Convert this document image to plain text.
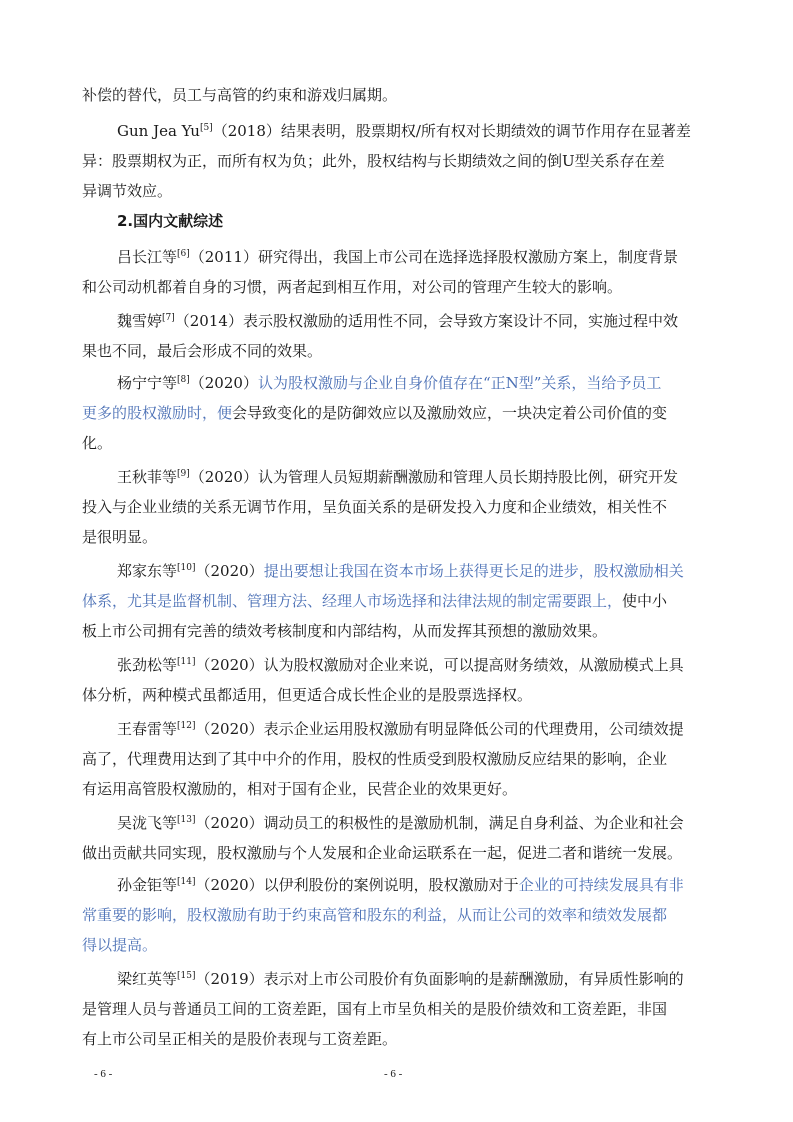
补偿的替代，员工与高管的约束和游戏归属期。
Gun Jea Yu[5]（2018）结果表明，股票期权/所有权对长期绩效的调节作用存在显著差
异：股票期权为正，而所有权为负；此外，股权结构与长期绩效之间的倒U型关系存在差
异调节效应。
2.国内文献综述
吕长江等[6]（2011）研究得出，我国上市公司在选择选择股权激励方案上，制度背景
和公司动机都着自身的习惯，两者起到相互作用，对公司的管理产生较大的影响。
魏雪婷[7]（2014）表示股权激励的适用性不同，会导致方案设计不同，实施过程中效
果也不同，最后会形成不同的效果。
杨宁宁等[8]（2020）认为股权激励与企业自身价值存在“正N型”关系，当给予员工
更多的股权激励时，便会导致变化的是防御效应以及激励效应，一块决定着公司价值的变
化。
王秋菲等[9]（2020）认为管理人员短期薪酬激励和管理人员长期持股比例，研究开发
投入与企业业绩的关系无调节作用，呈负面关系的是研发投入力度和企业绩效，相关性不
是很明显。
郑家东等[10]（2020）提出要想让我国在资本市场上获得更长足的进步，股权激励相关
体系，尤其是监督机制、管理方法、经理人市场选择和法律法规的制定需要跟上，使中小
板上市公司拥有完善的绩效考核制度和内部结构，从而发挥其预想的激励效果。
张劲松等[11]（2020）认为股权激励对企业来说，可以提高财务绩效，从激励模式上具
体分析，两种模式虽都适用，但更适合成长性企业的是股票选择权。
王春雷等[12]（2020）表示企业运用股权激励有明显降低公司的代理费用，公司绩效提
高了，代理费用达到了其中中介的作用，股权的性质受到股权激励反应结果的影响，企业
有运用高管股权激励的，相对于国有企业，民营企业的效果更好。
吴泷飞等[13]（2020）调动员工的积极性的是激励机制，满足自身利益、为企业和社会
做出贡献共同实现，股权激励与个人发展和企业命运联系在一起，促进二者和谐统一发展。
孙金钜等[14]（2020）以伊利股份的案例说明，股权激励对于企业的可持续发展具有非
常重要的影响，股权激励有助于约束高管和股东的利益，从而让公司的效率和绩效发展都
得以提高。
梁红英等[15]（2019）表示对上市公司股价有负面影响的是薪酬激励，有异质性影响的
是管理人员与普通员工间的工资差距，国有上市呈负相关的是股价绩效和工资差距，非国
有上市公司呈正相关的是股价表现与工资差距。
- 6 -	- 6 -
